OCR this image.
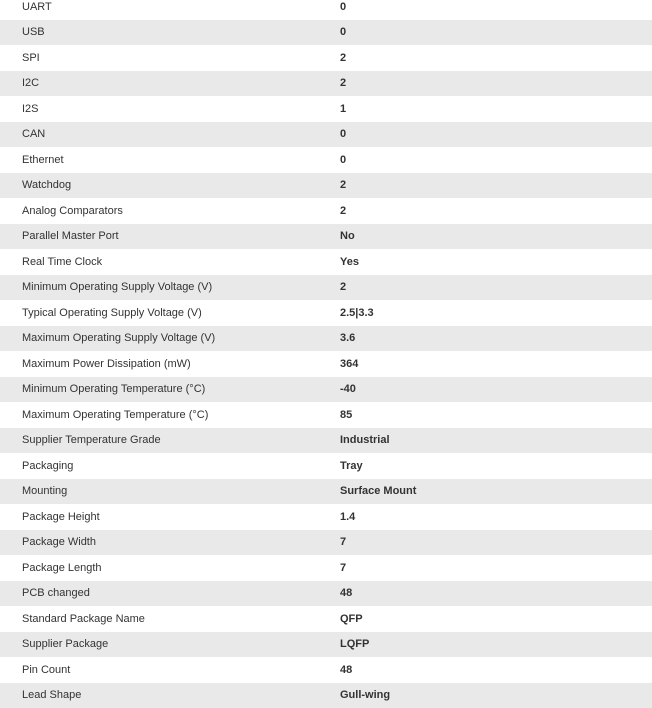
UART	0
USB	0
SPI	2
I2C	2
I2S	1
CAN	0
Ethernet	0
Watchdog	2
Analog Comparators	2
Parallel Master Port	No
Real Time Clock	Yes
Minimum Operating Supply Voltage (V)	2
Typical Operating Supply Voltage (V)	2.5|3.3
Maximum Operating Supply Voltage (V)	3.6
Maximum Power Dissipation (mW)	364
Minimum Operating Temperature (°C)	-40
Maximum Operating Temperature (°C)	85
Supplier Temperature Grade	Industrial
Packaging	Tray
Mounting	Surface Mount
Package Height	1.4
Package Width	7
Package Length	7
PCB changed	48
Standard Package Name	QFP
Supplier Package	LQFP
Pin Count	48
Lead Shape	Gull-wing
